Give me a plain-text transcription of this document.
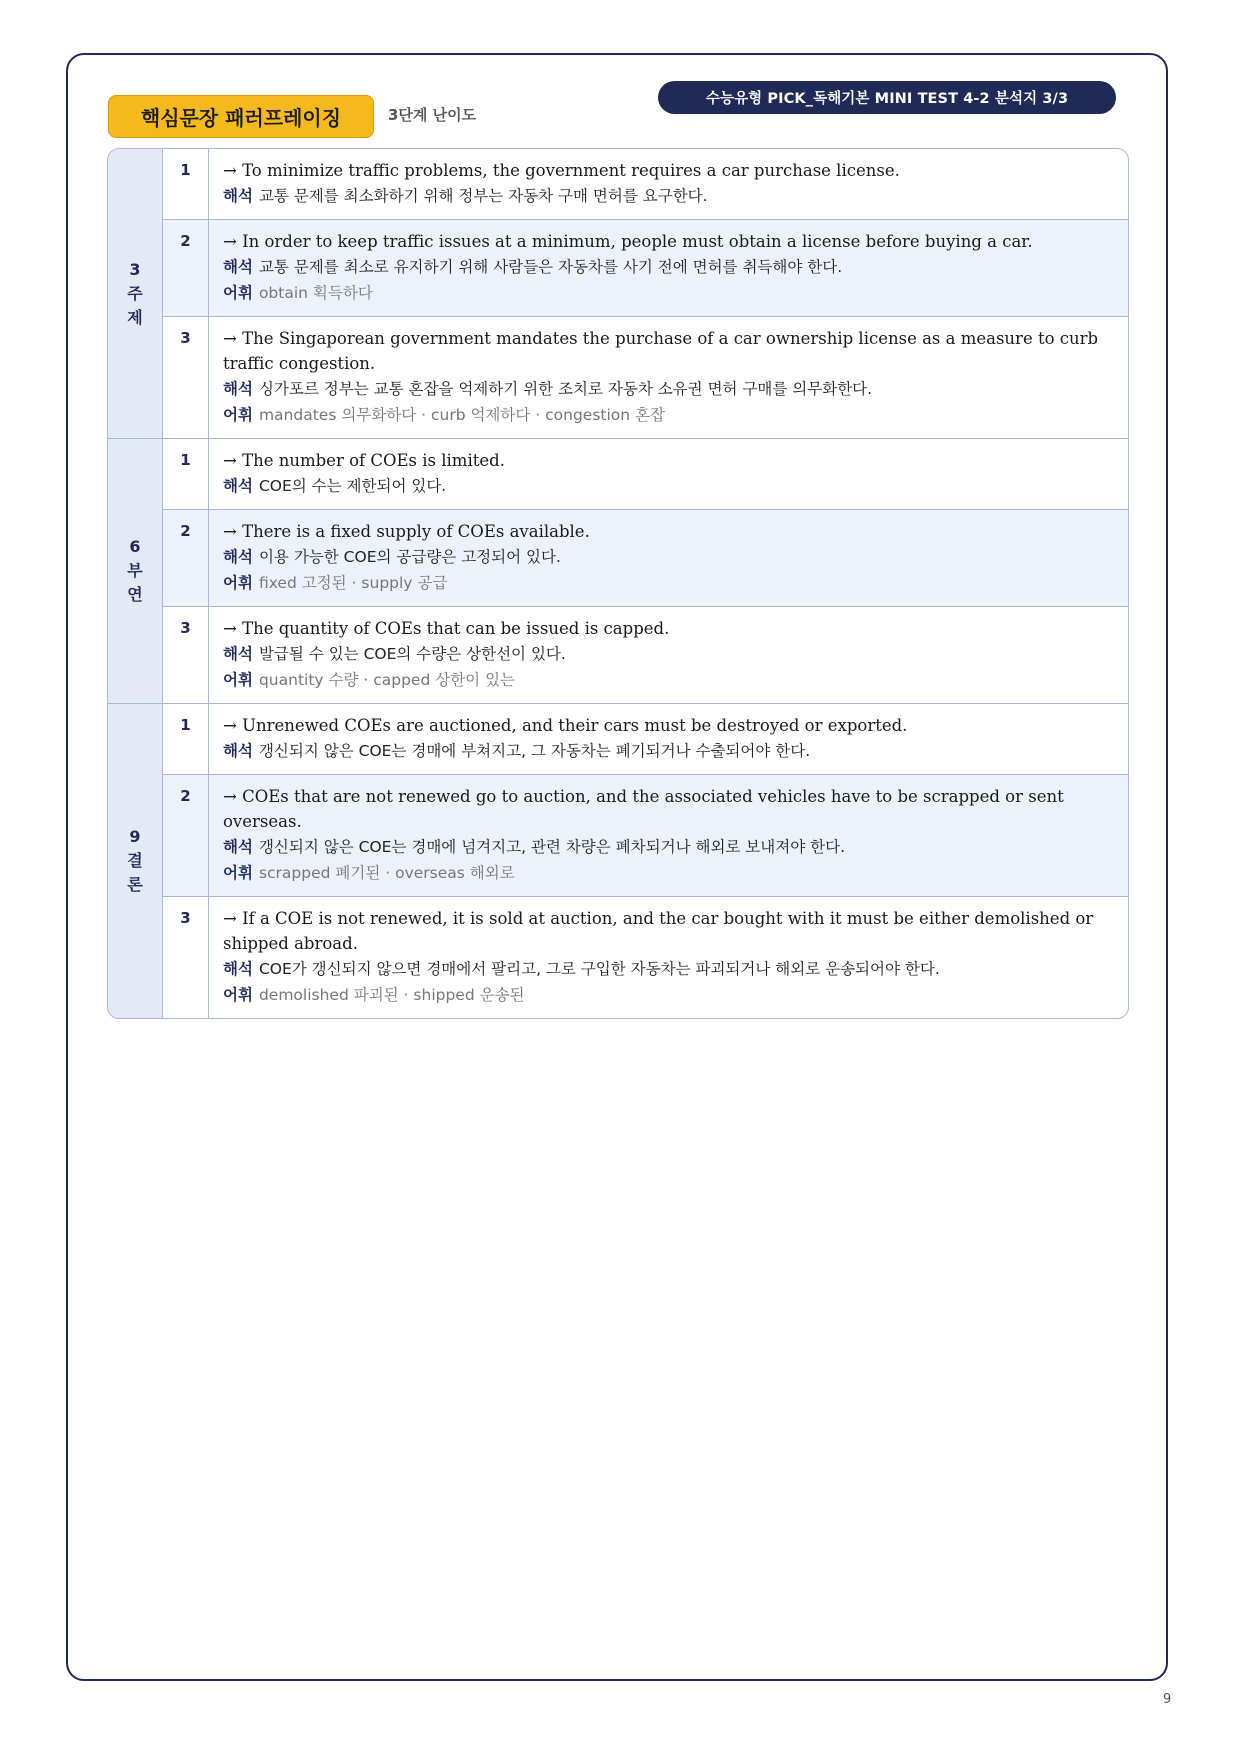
핵심문장 패러프레이징	3단계 난이도
수능유형 PICK_독해기본 MINI TEST 4-2 분석지 3/3
3
주
제
1	→ To minimize traffic problems, the government requires a car purchase license.
해석 교통 문제를 최소화하기 위해 정부는 자동차 구매 면허를 요구한다.
2	→ In order to keep traffic issues at a minimum, people must obtain a license before buying a car.
해석 교통 문제를 최소로 유지하기 위해 사람들은 자동차를 사기 전에 면허를 취득해야 한다.
어휘 obtain 획득하다
3	→ The Singaporean government mandates the purchase of a car ownership license as a measure to curb traffic congestion.
해석 싱가포르 정부는 교통 혼잡을 억제하기 위한 조치로 자동차 소유권 면허 구매를 의무화한다.
어휘 mandates 의무화하다 · curb 억제하다 · congestion 혼잡
6
부
연
1	→ The number of COEs is limited.
해석 COE의 수는 제한되어 있다.
2	→ There is a fixed supply of COEs available.
해석 이용 가능한 COE의 공급량은 고정되어 있다.
어휘 fixed 고정된 · supply 공급
3	→ The quantity of COEs that can be issued is capped.
해석 발급될 수 있는 COE의 수량은 상한선이 있다.
어휘 quantity 수량 · capped 상한이 있는
9
결
론
1	→ Unrenewed COEs are auctioned, and their cars must be destroyed or exported.
해석 갱신되지 않은 COE는 경매에 부쳐지고, 그 자동차는 폐기되거나 수출되어야 한다.
2	→ COEs that are not renewed go to auction, and the associated vehicles have to be scrapped or sent overseas.
해석 갱신되지 않은 COE는 경매에 넘겨지고, 관련 차량은 폐차되거나 해외로 보내져야 한다.
어휘 scrapped 폐기된 · overseas 해외로
3	→ If a COE is not renewed, it is sold at auction, and the car bought with it must be either demolished or shipped abroad.
해석 COE가 갱신되지 않으면 경매에서 팔리고, 그로 구입한 자동차는 파괴되거나 해외로 운송되어야 한다.
어휘 demolished 파괴된 · shipped 운송된
9
